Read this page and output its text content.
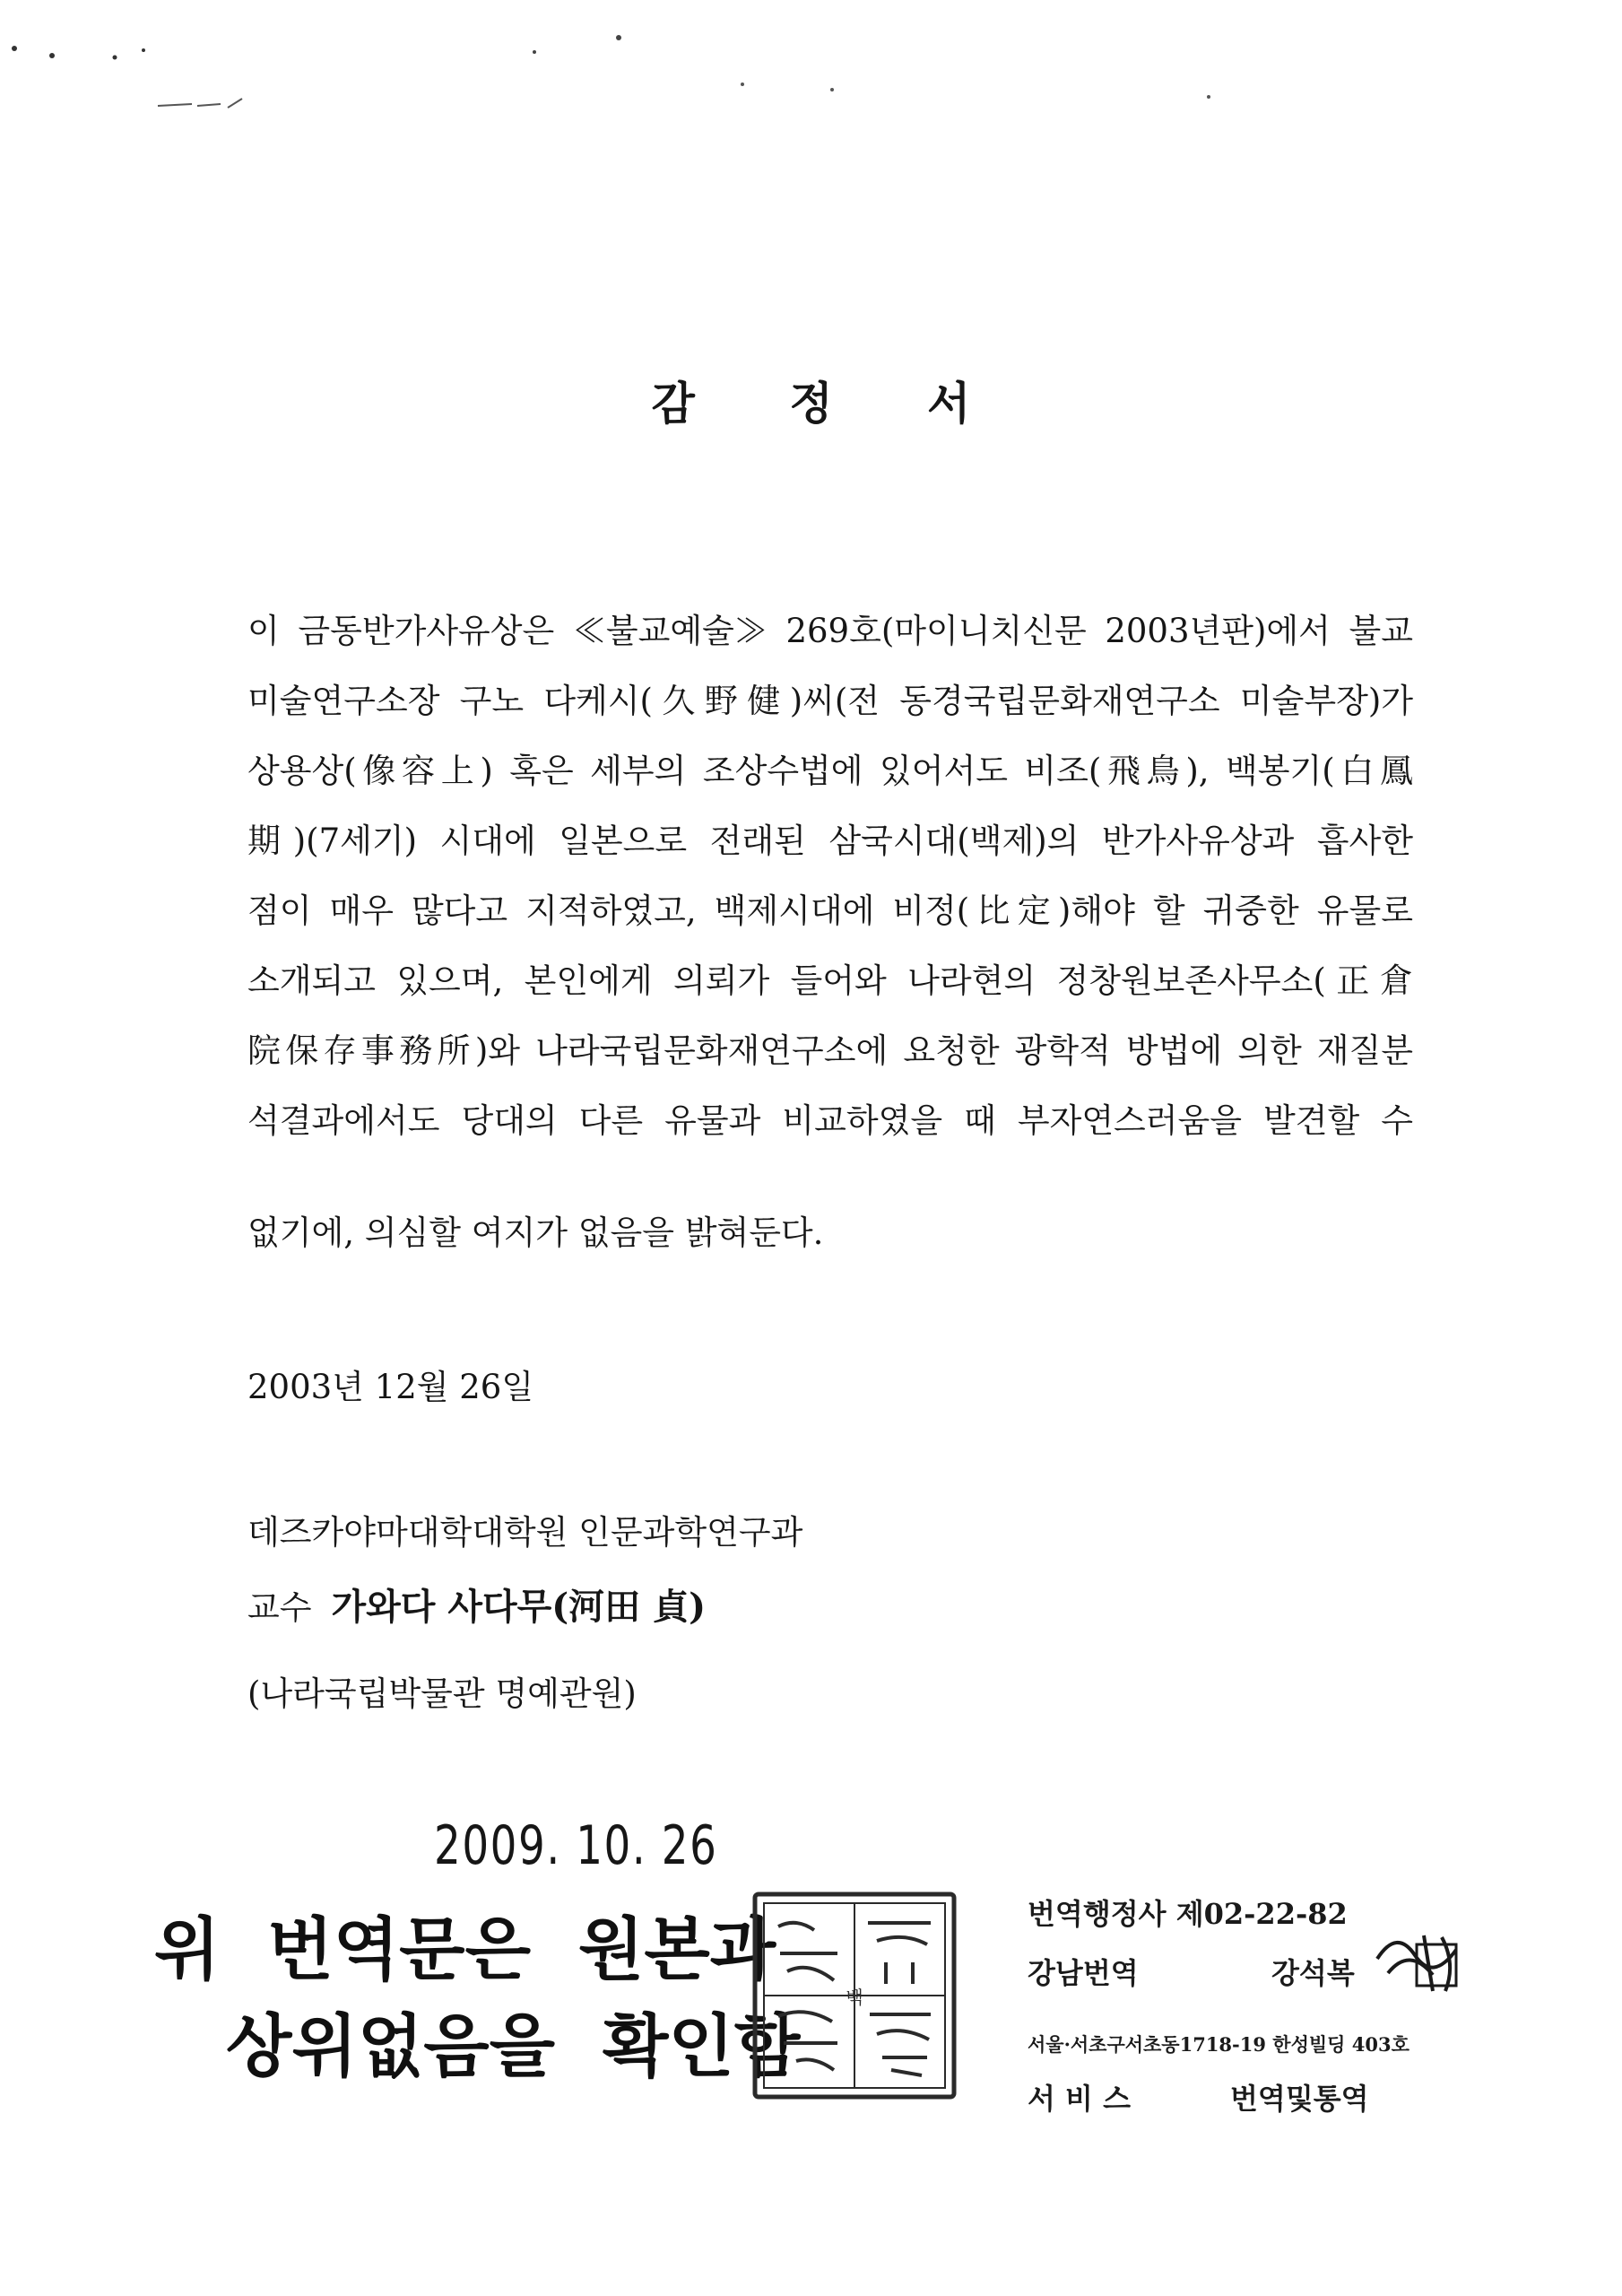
감 정 서
이 금동반가사유상은 ≪불교예술≫ 269호(마이니치신문 2003년판)에서 불교
미술연구소장 구노 다케시(久野健)씨(전 동경국립문화재연구소 미술부장)가
상용상(像容上) 혹은 세부의 조상수법에 있어서도 비조(飛鳥), 백봉기(白鳳
期)(7세기) 시대에 일본으로 전래된 삼국시대(백제)의 반가사유상과 흡사한
점이 매우 많다고 지적하였고, 백제시대에 비정(比定)해야 할 귀중한 유물로
소개되고 있으며, 본인에게 의뢰가 들어와 나라현의 정창원보존사무소(正倉
院保存事務所)와 나라국립문화재연구소에 요청한 광학적 방법에 의한 재질분
석결과에서도 당대의 다른 유물과 비교하였을 때 부자연스러움을 발견할 수
없기에, 의심할 여지가 없음을 밝혀둔다.
2003년 12월 26일
데즈카야마대학대학원 인문과학연구과
교수 가와다 사다무(河田 貞)
(나라국립박물관 명예관원)
2009. 10. 26
위  번역문은  원본과
상위없음을  확인함
백
번역행정사 제02-22-82
강남번역	강석복
서울·서초구서초동1718-19 한성빌딩 403호
서 비 스	번역및통역
